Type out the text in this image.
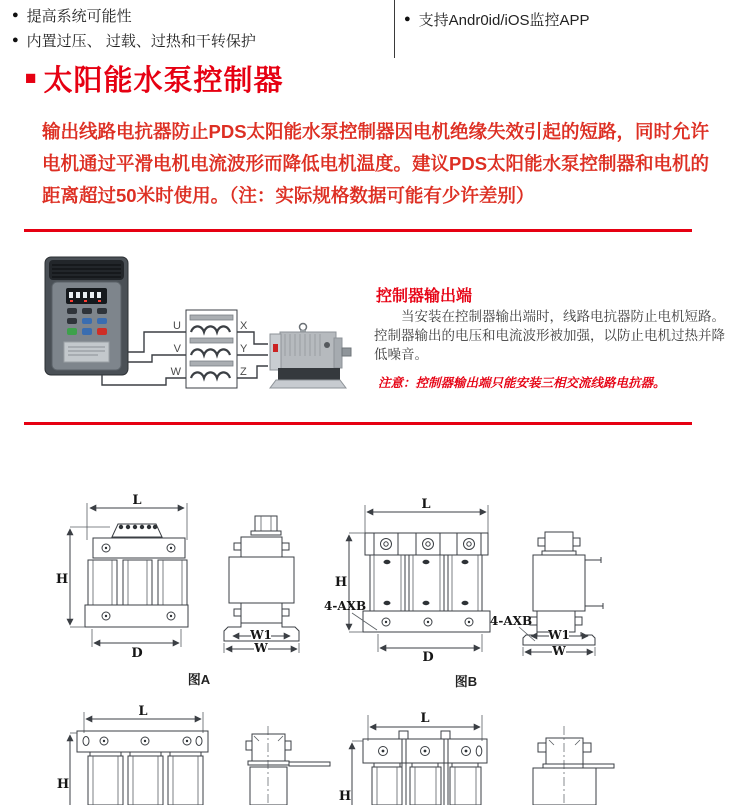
● 提高系统可能性
● 内置过压、 过载、过热和干转保护
● 支持Andr0id/iOS监控APP
■ 太阳能水泵控制器
输出线路电抗器防止PDS太阳能水泵控制器因电机绝缘失效引起的短路，同时允许
电机通过平滑电机电流波形而降低电机温度。建议PDS太阳能水泵控制器和电机的
距离超过50米时使用。（注：实际规格数据可能有少许差别）
U
V
W
X
Y
Z
控制器输出端
当安装在控制器输出端时，线路电抗器防止电机短路。
控制器输出的电压和电流波形被加强，以防止电机过热并降
低噪音。
注意：控制器输出端只能安装三相交流线路电抗器。
L
H
D
W1
W
图A
L
H
D
4-AXB
W1
W
4-AXB
图B
L
H
L
H
